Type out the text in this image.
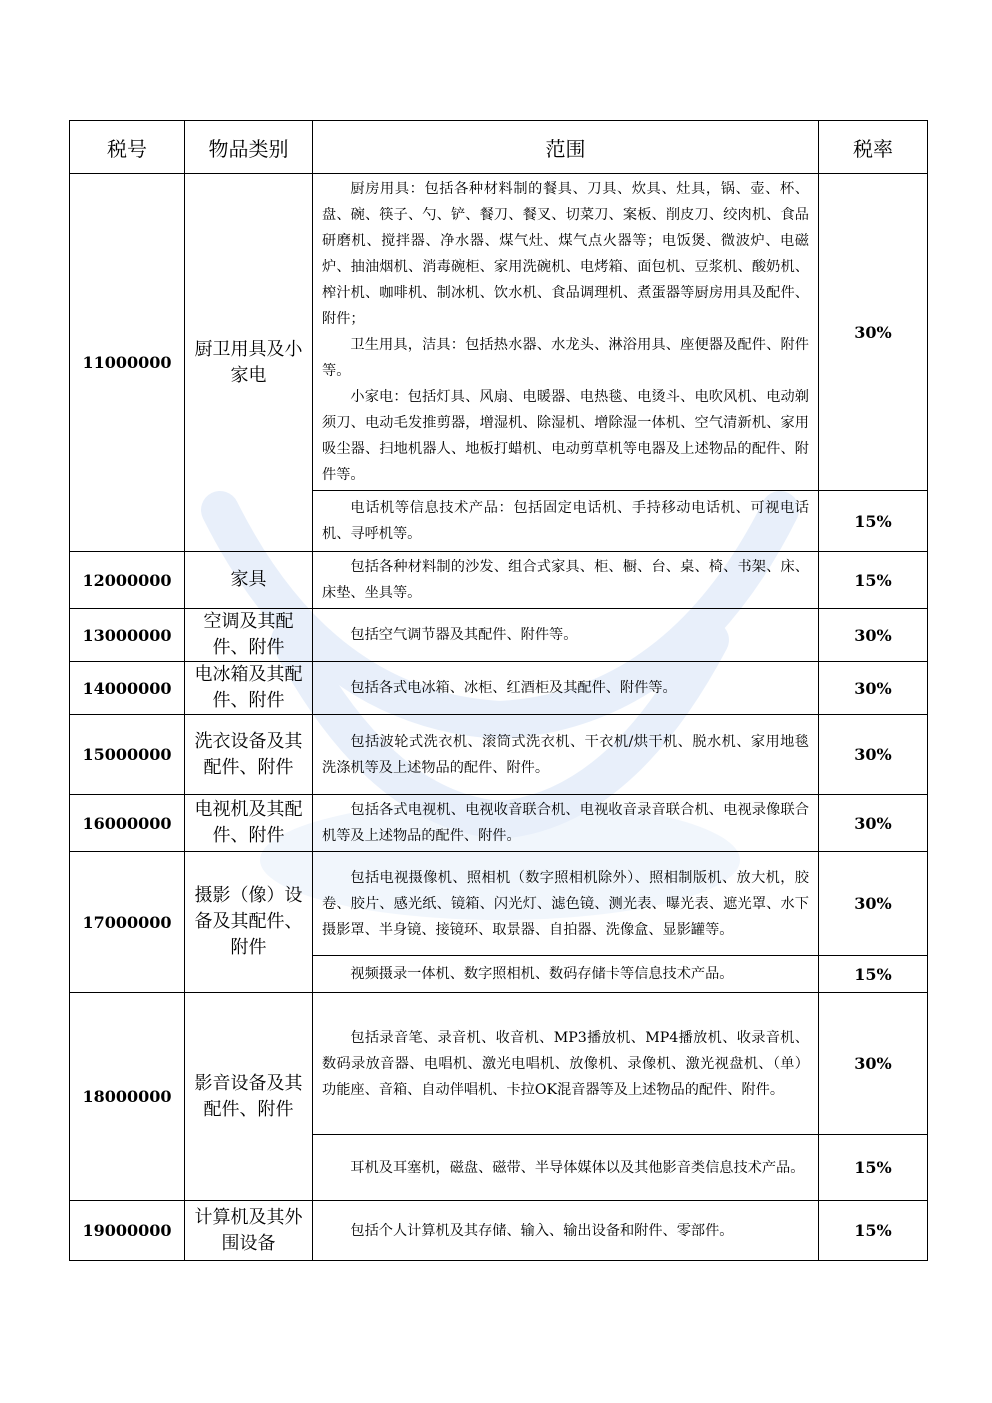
税号	物品类别	范围	税率
11000000	厨卫用具及小家电	厨房用具：包括各种材料制的餐具、刀具、炊具、灶具，锅、壶、杯、盘、碗、筷子、勺、铲、餐刀、餐叉、切菜刀、案板、削皮刀、绞肉机、食品研磨机、搅拌器、净水器、煤气灶、煤气点火器等；电饭煲、微波炉、电磁炉、抽油烟机、消毒碗柜、家用洗碗机、电烤箱、面包机、豆浆机、酸奶机、榨汁机、咖啡机、制冰机、饮水机、食品调理机、煮蛋器等厨房用具及配件、附件；

卫生用具，洁具：包括热水器、水龙头、淋浴用具、座便器及配件、附件等。

小家电：包括灯具、风扇、电暖器、电热毯、电烫斗、电吹风机、电动剃须刀、电动毛发推剪器，增湿机、除湿机、增除湿一体机、空气清新机、家用吸尘器、扫地机器人、地板打蜡机、电动剪草机等电器及上述物品的配件、附件等。	30%

		电话机等信息技术产品：包括固定电话机、手持移动电话机、可视电话机、寻呼机等。	15%
12000000	家具	包括各种材料制的沙发、组合式家具、柜、橱、台、桌、椅、书架、床、床垫、坐具等。	15%
13000000	空调及其配件、附件	包括空气调节器及其配件、附件等。	30%
14000000	电冰箱及其配件、附件	包括各式电冰箱、冰柜、红酒柜及其配件、附件等。	30%
15000000	洗衣设备及其配件、附件	包括波轮式洗衣机、滚筒式洗衣机、干衣机/烘干机、脱水机、家用地毯洗涤机等及上述物品的配件、附件。	30%
16000000	电视机及其配件、附件	包括各式电视机、电视收音联合机、电视收音录音联合机、电视录像联合机等及上述物品的配件、附件。	30%
17000000	摄影（像）设备及其配件、附件	包括电视摄像机、照相机（数字照相机除外）、照相制版机、放大机，胶卷、胶片、感光纸、镜箱、闪光灯、滤色镜、测光表、曝光表、遮光罩、水下摄影罩、半身镜、接镜环、取景器、自拍器、洗像盒、显影罐等。	30%

		视频摄录一体机、数字照相机、数码存储卡等信息技术产品。	15%
18000000	影音设备及其配件、附件	包括录音笔、录音机、收音机、MP3播放机、MP4播放机、收录音机、数码录放音器、电唱机、激光电唱机、放像机、录像机、激光视盘机、（单）功能座、音箱、自动伴唱机、卡拉OK混音器等及上述物品的配件、附件。	30%

		耳机及耳塞机，磁盘、磁带、半导体媒体以及其他影音类信息技术产品。	15%
19000000	计算机及其外围设备	包括个人计算机及其存储、输入、输出设备和附件、零部件。	15%
